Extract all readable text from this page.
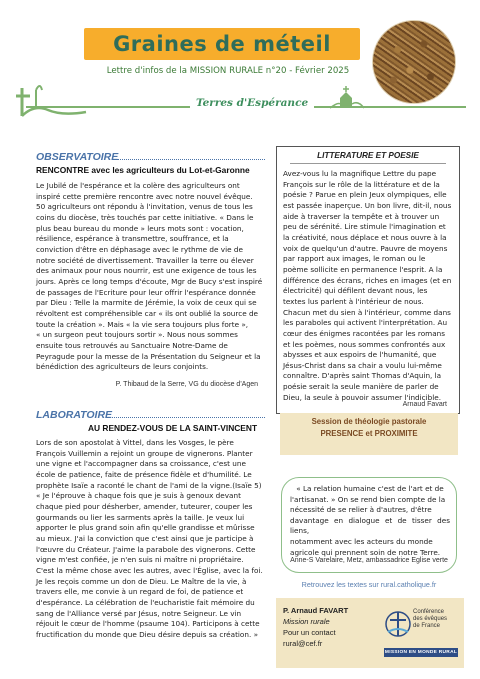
Graines de méteil
Lettre d'infos de la MISSION RURALE n°20 - Février 2025
Terres d'Espérance
OBSERVATOIRE
RENCONTRE avec les agriculteurs du Lot-et-Garonne
Le Jubilé de l'espérance et la colère des agriculteurs ont
inspiré cette première rencontre avec notre nouvel évêque.
50 agriculteurs ont répondu à l'invitation, venus de tous les
coins du diocèse, très touchés par cette initiative. « Dans le
plus beau bureau du monde » leurs mots sont : vocation,
résilience, espérance à transmettre, souffrance, et la
conviction d'être en déphasage avec le rythme de vie de
notre société de divertissement. Travailler la terre ou élever
des animaux pour nous nourrir, est une exigence de tous les
jours. Après ce long temps d'écoute, Mgr de Bucy s'est inspiré
de passages de l'Ecriture pour leur offrir l'espérance donnée
par Dieu : Telle la marmite de Jérémie, la voix de ceux qui se
révoltent est compréhensible car « ils ont oublié la source de
toute la création ». Mais « la vie sera toujours plus forte »,
« un surgeon peut toujours sortir ». Nous nous sommes
ensuite tous retrouvés au Sanctuaire Notre-Dame de
Peyragude pour la messe de la Présentation du Seigneur et la
bénédiction des agriculteurs de leurs conjoints.
P. Thibaud de la Serre, VG du diocèse d'Agen
LABORATOIRE
AU RENDEZ-VOUS DE LA SAINT-VINCENT
Lors de son apostolat à Vittel, dans les Vosges, le père
François Vuillemin a rejoint un groupe de vignerons. Planter
une vigne et l'accompagner dans sa croissance, c'est une
école de patience, faite de présence fidèle et d'humilité. Le
prophète Isaïe a raconté le chant de l'ami de la vigne.(Isaïe 5)
« Je l'éprouve à chaque fois que je suis à genoux devant
chaque pied pour désherber, amender, tuteurer, couper les
gourmands ou lier les sarments après la taille. Je veux lui
apporter le plus grand soin afin qu'elle grandisse et mûrisse
au mieux. J'ai la conviction que c'est ainsi que je participe à
l'œuvre du Créateur. J'aime la parabole des vignerons. Cette
vigne m'est confiée, je n'en suis ni maître ni propriétaire.
C'est la même chose avec les autres, avec l'Église, avec la foi.
Je les reçois comme un don de Dieu. Le Maître de la vie, à
travers elle, me convie à un regard de foi, de patience et
d'espérance. La célébration de l'eucharistie fait mémoire du
sang de l'Alliance versé par Jésus, notre Seigneur. Le vin
réjouit le cœur de l'homme (psaume 104). Participons à cette
fructification du monde que Dieu désire depuis sa création. »
LITTERATURE ET POESIE
Avez-vous lu la magnifique Lettre du pape
François sur le rôle de la littérature et de la
poésie ? Parue en plein Jeux olympiques, elle
est passée inaperçue. Un bon livre, dit-il, nous
aide à traverser la tempête et à trouver un
peu de sérénité. Lire stimule l'imagination et
la créativité, nous déplace et nous ouvre à la
voix de quelqu'un d'autre. Pauvre de moyens
par rapport aux images, le roman ou le
poème sollicite en permanence l'esprit. A la
différence des écrans, riches en images (et en
électricité) qui défilent devant nous, les
textes lus parlent à l'intérieur de nous.
Chacun met du sien à l'intérieur, comme dans
les paraboles qui activent l'interprétation. Au
cœur des énigmes racontées par les romans
et les poèmes, nous sommes confrontés aux
abysses et aux espoirs de l'humanité, que
Jésus-Christ dans sa chair a voulu lui-même
connaître. D'après saint Thomas d'Aquin, la
poésie serait la seule manière de parler de
Dieu, la seule à pouvoir assumer l'indicible.
Arnaud Favart
Session de théologie pastorale
PRESENCE et PROXIMITE
« La relation humaine c'est de l'art et de
l'artisanat. » On se rend bien compte de la
nécessité de se relier à d'autres, d'être
davantage en dialogue et de tisser des liens,
notamment avec les acteurs du monde
agricole qui prennent soin de notre Terre.
Anne-S Varelaire, Metz, ambassadrice Eglise verte
Retrouvez les textes sur rural.catholique.fr
P. Arnaud FAVART
Mission rurale
Pour un contact
rural@cef.fr
Conférence
des évêques
de France
MISSION EN MONDE RURAL
